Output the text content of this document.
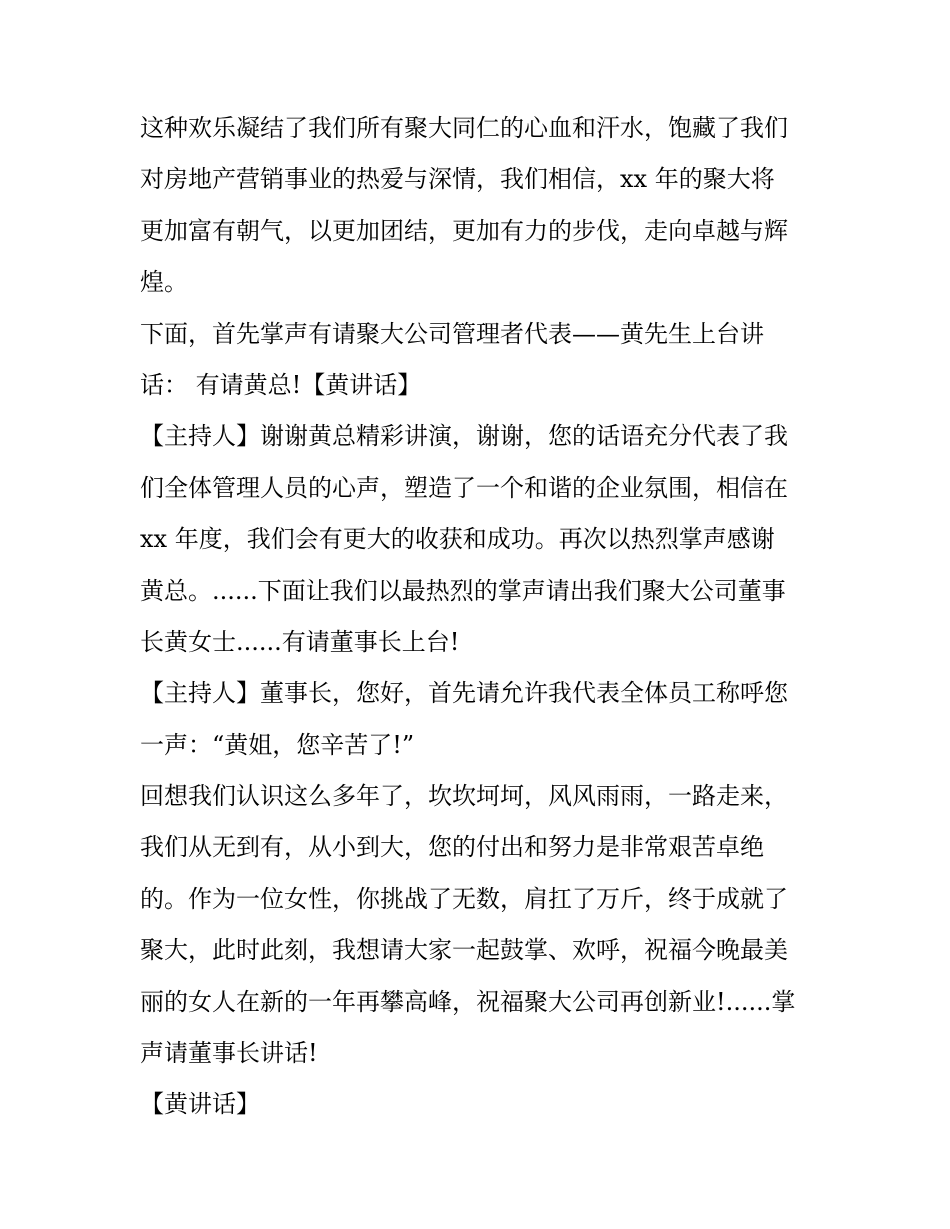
这种欢乐凝结了我们所有聚大同仁的心血和汗水，饱藏了我们
对房地产营销事业的热爱与深情，我们相信，xx 年的聚大将
更加富有朝气，以更加团结，更加有力的步伐，走向卓越与辉
煌。
下面，首先掌声有请聚大公司管理者代表——黄先生上台讲
话： 有请黄总!【黄讲话】
【主持人】谢谢黄总精彩讲演，谢谢，您的话语充分代表了我
们全体管理人员的心声，塑造了一个和谐的企业氛围，相信在
xx 年度，我们会有更大的收获和成功。再次以热烈掌声感谢
黄总。......下面让我们以最热烈的掌声请出我们聚大公司董事
长黄女士......有请董事长上台!
【主持人】董事长，您好，首先请允许我代表全体员工称呼您
一声：“黄姐，您辛苦了!”
回想我们认识这么多年了，坎坎坷坷，风风雨雨，一路走来，
我们从无到有，从小到大，您的付出和努力是非常艰苦卓绝
的。作为一位女性，你挑战了无数，肩扛了万斤，终于成就了
聚大，此时此刻，我想请大家一起鼓掌、欢呼，祝福今晚最美
丽的女人在新的一年再攀高峰，祝福聚大公司再创新业!......掌
声请董事长讲话!
【黄讲话】
